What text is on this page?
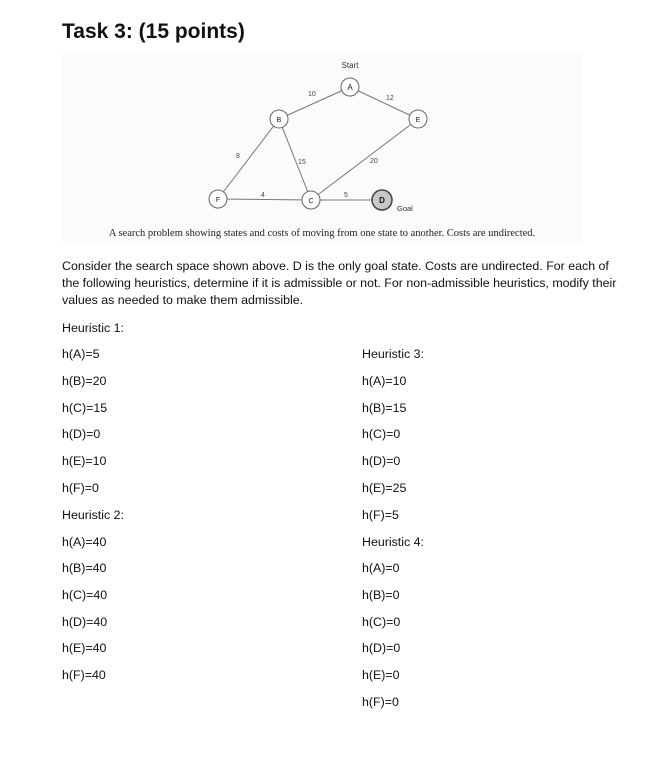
Task 3: (15 points)
10
12
8
15	20
4	5
Start
Goal
A
B	E
F	C	D
A search problem showing states and costs of moving from one state to another. Costs are undirected.
Consider the search space shown above. D is the only goal state. Costs are undirected. For each of the following heuristics, determine if it is admissible or not. For non-admissible heuristics, modify their values as needed to make them admissible.
Heuristic 1:
h(A)=5
h(B)=20
h(C)=15
h(D)=0
h(E)=10
h(F)=0
Heuristic 2:
h(A)=40
h(B)=40
h(C)=40
h(D)=40
h(E)=40
h(F)=40
Heuristic 3:
h(A)=10
h(B)=15
h(C)=0
h(D)=0
h(E)=25
h(F)=5
Heuristic 4:
h(A)=0
h(B)=0
h(C)=0
h(D)=0
h(E)=0
h(F)=0
